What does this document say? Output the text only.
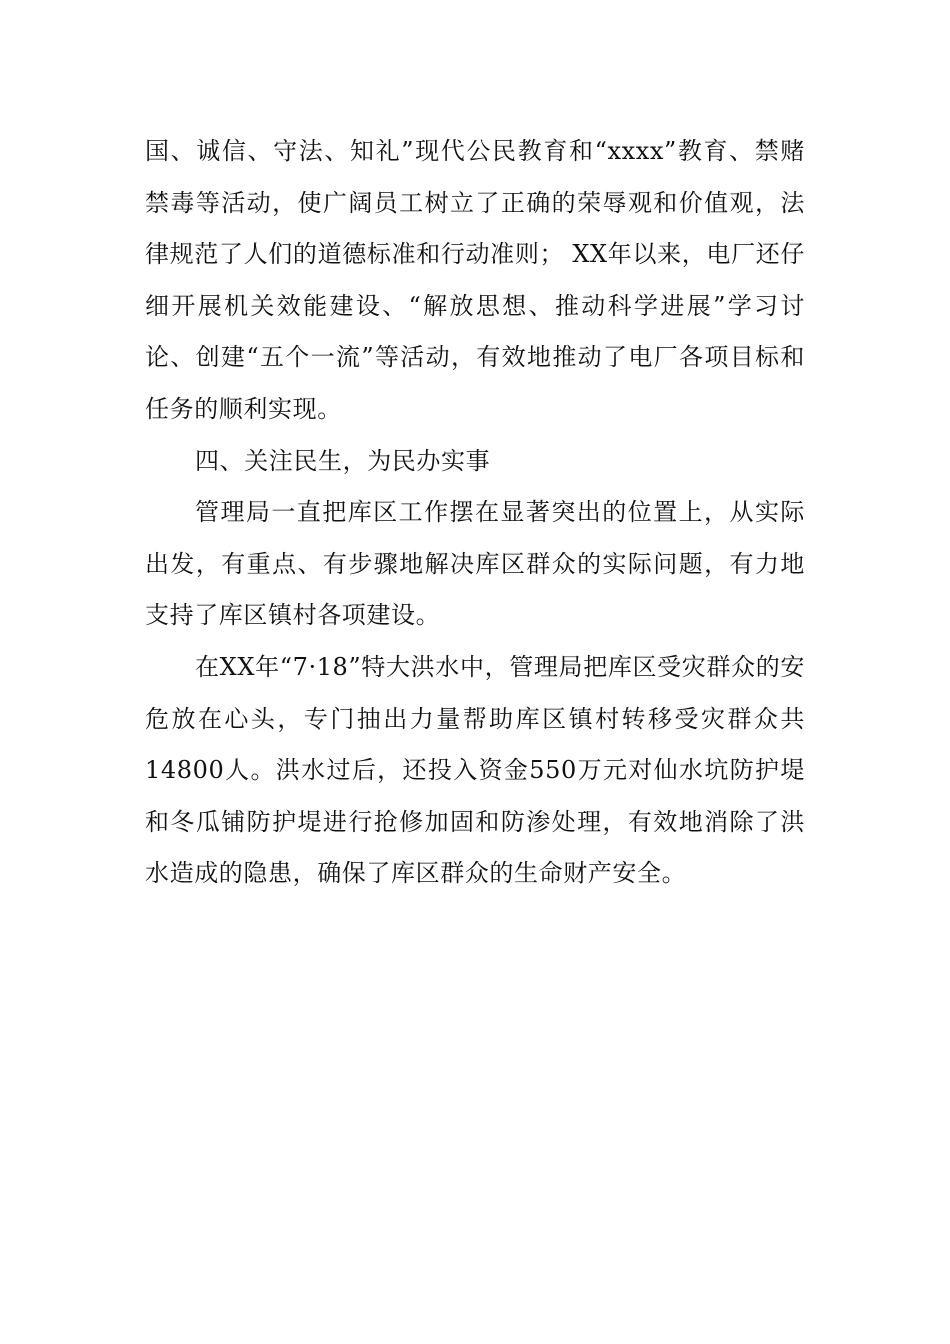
国、诚信、守法、知礼”现代公民教育和“xxxx”教育、禁赌禁毒等活动，使广阔员工树立了正确的荣辱观和价值观，法律规范了人们的道德标准和行动准则； XX年以来，电厂还仔细开展机关效能建设、“解放思想、推动科学进展”学习讨论、创建“五个一流”等活动，有效地推动了电厂各项目标和任务的顺利实现。

四、关注民生，为民办实事

管理局一直把库区工作摆在显著突出的位置上，从实际出发，有重点、有步骤地解决库区群众的实际问题，有力地支持了库区镇村各项建设。

在XX年“7·18”特大洪水中，管理局把库区受灾群众的安危放在心头，专门抽出力量帮助库区镇村转移受灾群众共14800人。洪水过后，还投入资金550万元对仙水坑防护堤和冬瓜铺防护堤进行抢修加固和防渗处理，有效地消除了洪水造成的隐患，确保了库区群众的生命财产安全。
